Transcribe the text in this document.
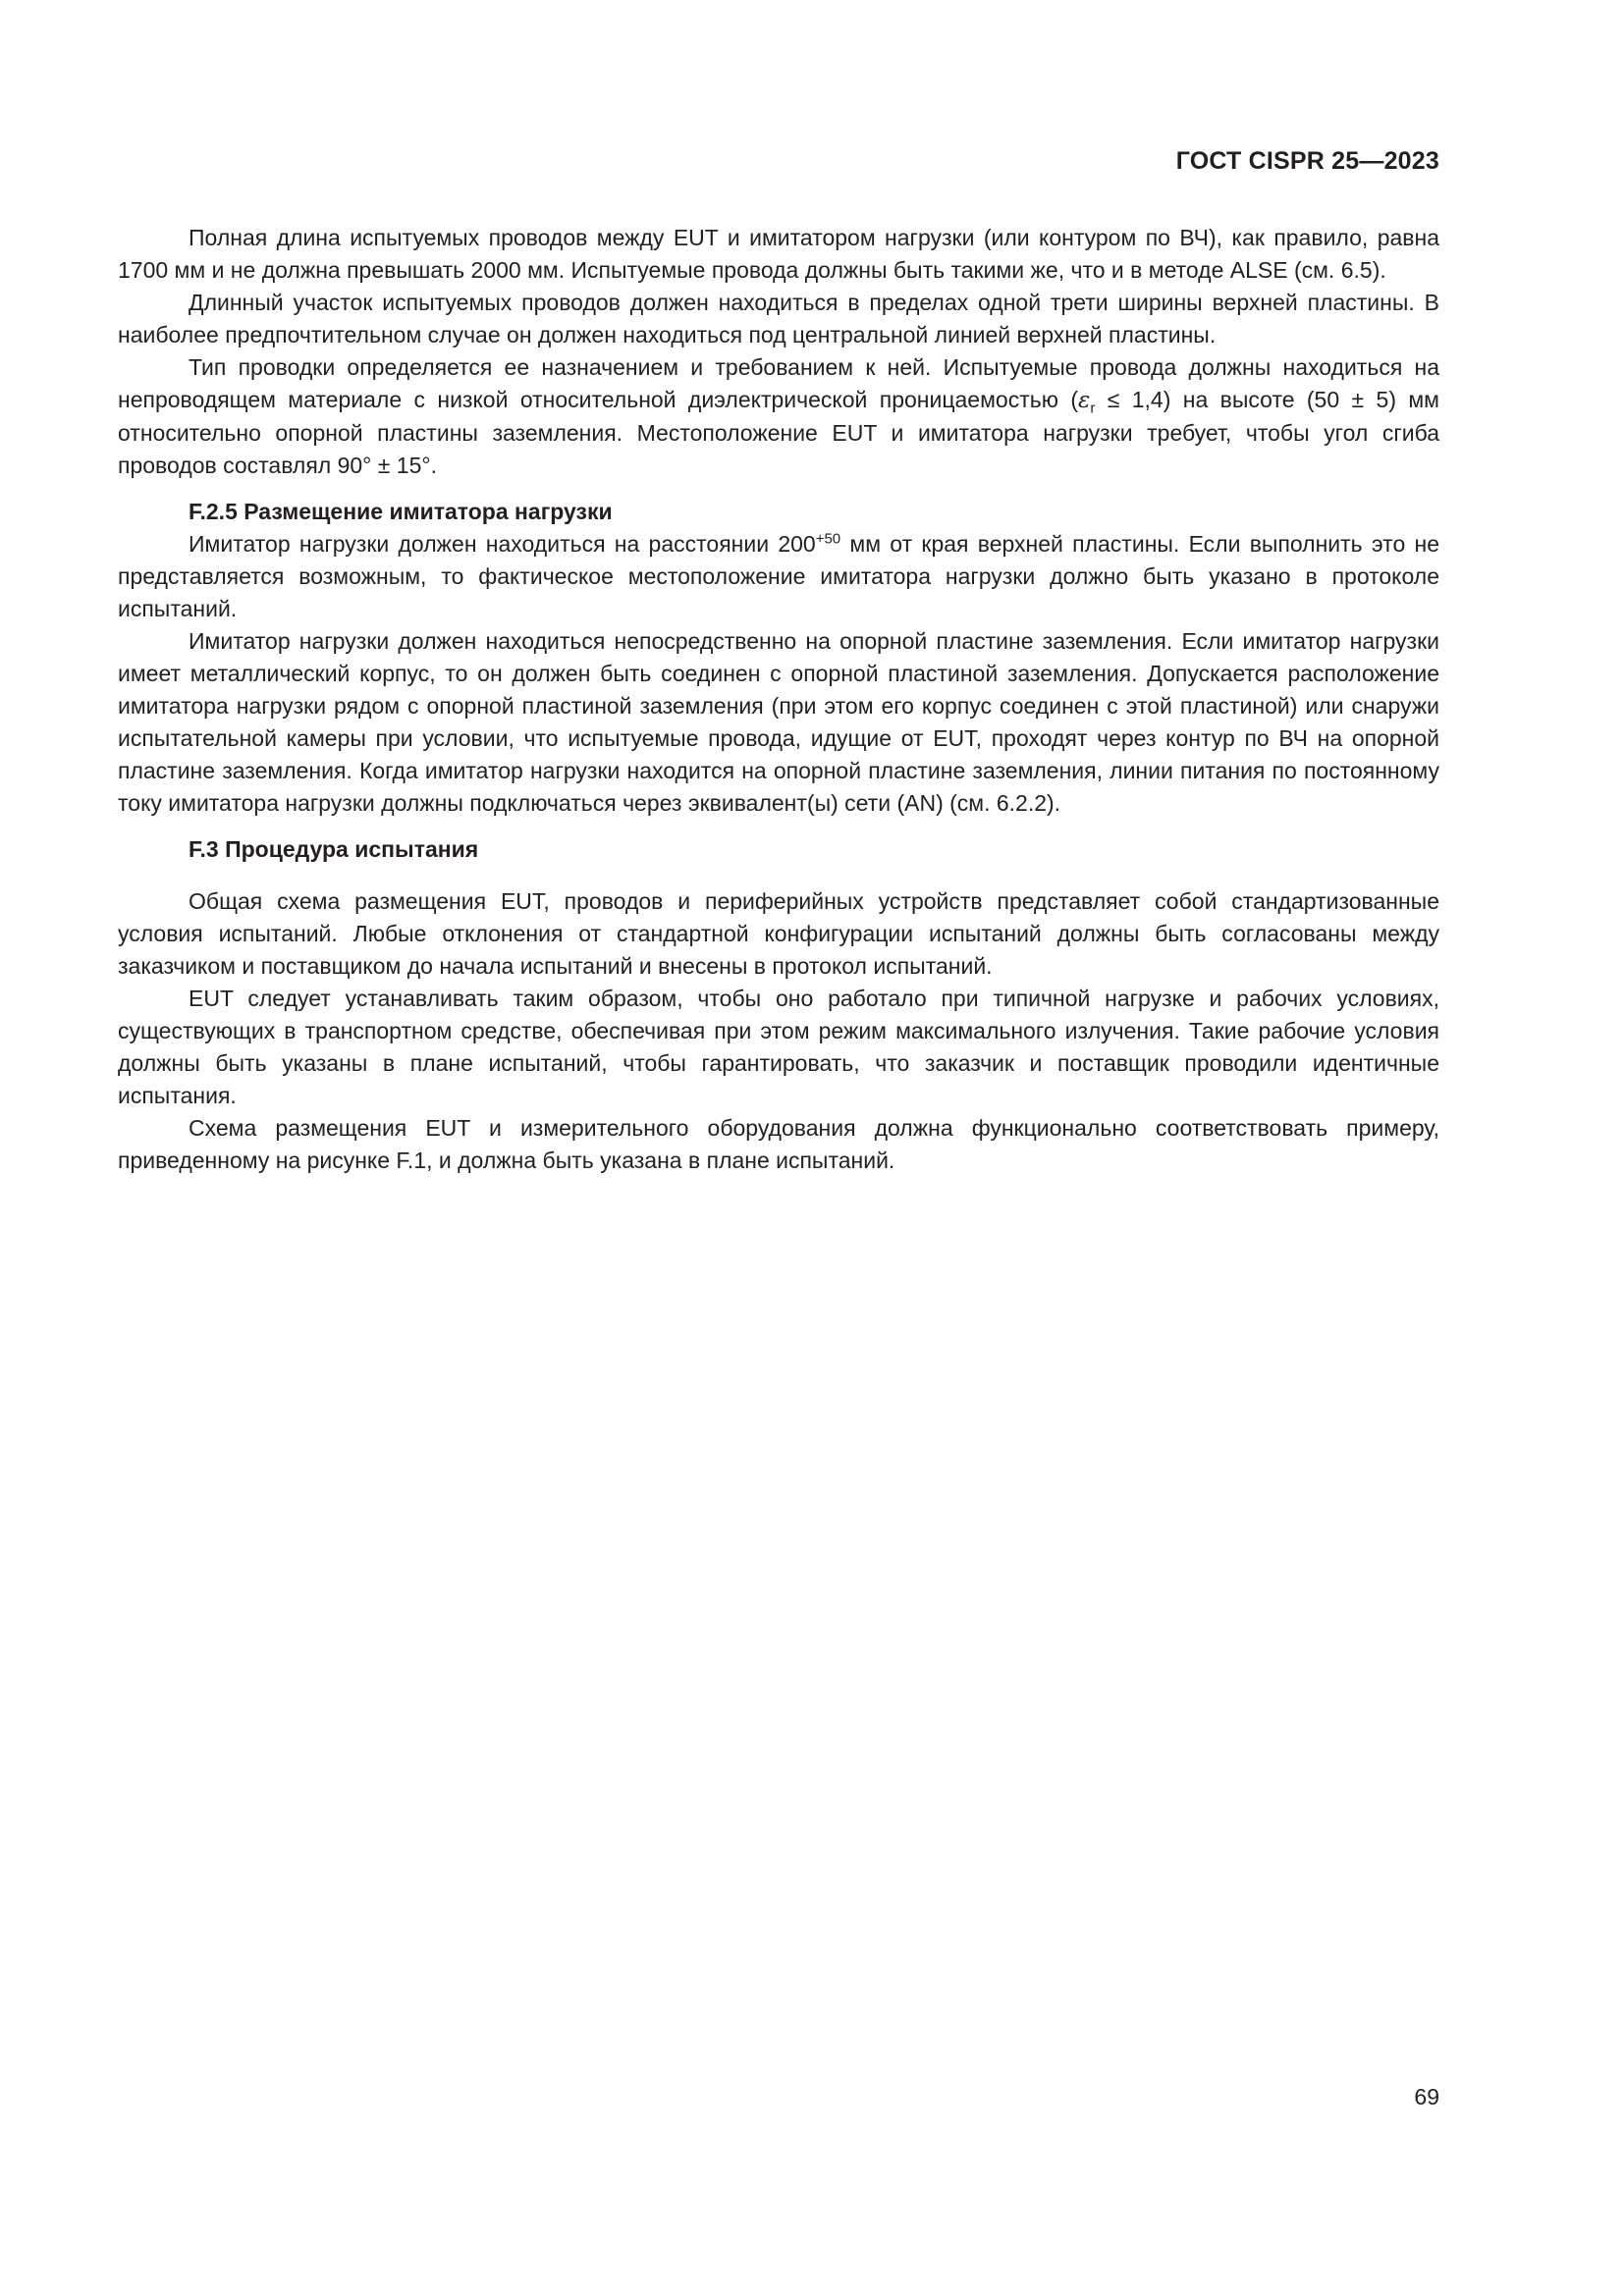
ГОСТ CISPR 25—2023

Полная длина испытуемых проводов между EUT и имитатором нагрузки (или контуром по ВЧ), как правило, равна 1700 мм и не должна превышать 2000 мм. Испытуемые провода должны быть такими же, что и в методе ALSE (см. 6.5).

Длинный участок испытуемых проводов должен находиться в пределах одной трети ширины верхней пластины. В наиболее предпочтительном случае он должен находиться под центральной линией верхней пластины.

Тип проводки определяется ее назначением и требованием к ней. Испытуемые провода должны находиться на непроводящем материале с низкой относительной диэлектрической проницаемостью $(\varepsilon_r \le 1,4)$ на высоте (50 ± 5) мм относительно опорной пластины заземления. Местоположение EUT и имитатора нагрузки требует, чтобы угол сгиба проводов составлял 90° ± 15°.

F.2.5 Размещение имитатора нагрузки

Имитатор нагрузки должен находиться на расстоянии $200^{+50}$ мм от края верхней пластины. Если выполнить это не представляется возможным, то фактическое местоположение имитатора нагрузки должно быть указано в протоколе испытаний.

Имитатор нагрузки должен находиться непосредственно на опорной пластине заземления. Если имитатор нагрузки имеет металлический корпус, то он должен быть соединен с опорной пластиной заземления. Допускается расположение имитатора нагрузки рядом с опорной пластиной заземления (при этом его корпус соединен с этой пластиной) или снаружи испытательной камеры при условии, что испытуемые провода, идущие от EUT, проходят через контур по ВЧ на опорной пластине заземления. Когда имитатор нагрузки находится на опорной пластине заземления, линии питания по постоянному току имитатора нагрузки должны подключаться через эквивалент(ы) сети (AN) (см. 6.2.2).

F.3 Процедура испытания

Общая схема размещения EUT, проводов и периферийных устройств представляет собой стандартизованные условия испытаний. Любые отклонения от стандартной конфигурации испытаний должны быть согласованы между заказчиком и поставщиком до начала испытаний и внесены в протокол испытаний.

EUT следует устанавливать таким образом, чтобы оно работало при типичной нагрузке и рабочих условиях, существующих в транспортном средстве, обеспечивая при этом режим максимального излучения. Такие рабочие условия должны быть указаны в плане испытаний, чтобы гарантировать, что заказчик и поставщик проводили идентичные испытания.

Схема размещения EUT и измерительного оборудования должна функционально соответствовать примеру, приведенному на рисунке F.1, и должна быть указана в плане испытаний.

69
